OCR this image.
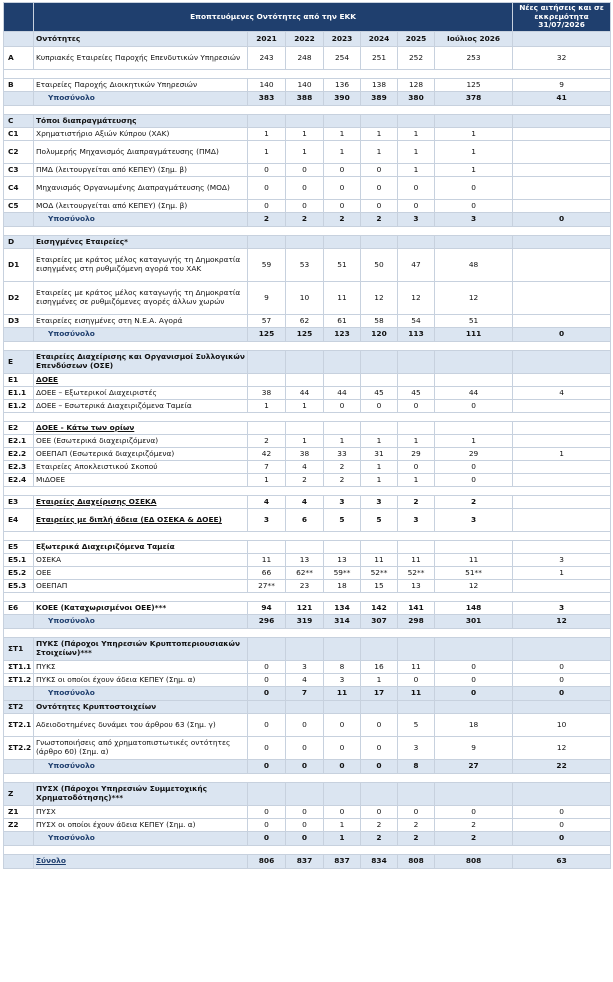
	Εποπτευόμενες Οντότητες από την ΕΚΚ							Νέες αιτήσεις και σε εκκρεμότητα 31/07/2026
	Οντότητες	2021	2022	2023	2024	2025	Ιούλιος 2026	
A	Κυπριακές Εταιρείες Παροχής Επενδυτικών Υπηρεσιών	243	248	254	251	252	253	32

B	Εταιρείες Παροχής Διοικητικών Υπηρεσιών	140	140	136	138	128	125	9
	Υποσύνολο	383	388	390	389	380	378	41

C	Τόποι διαπραγμάτευσης							
C1	Χρηματιστήριο Αξιών Κύπρου (ΧΑΚ)	1	1	1	1	1	1	
C2	Πολυμερής Μηχανισμός Διαπραγμάτευσης (ΠΜΔ)	1	1	1	1	1	1	
C3	ΠΜΔ (λειτουργείται από ΚΕΠΕΥ) (Σημ. β)	0	0	0	0	1	1	
C4	Μηχανισμός Οργανωμένης Διαπραγμάτευσης (ΜΟΔ)	0	0	0	0	0	0	
C5	ΜΟΔ (λειτουργείται από ΚΕΠΕΥ) (Σημ. β)	0	0	0	0	0	0	
	Υποσύνολο	2	2	2	2	3	3	0

D	Εισηγμένες Εταιρείες*							
D1	Εταιρείες με κράτος μέλος καταγωγής τη Δημοκρατία εισηγμένες στη ρυθμιζόμενη αγορά του ΧΑΚ	59	53	51	50	47	48	
D2	Εταιρείες με κράτος μέλος καταγωγής τη Δημοκρατία εισηγμένες σε ρυθμιζόμενες αγορές άλλων χωρών	9	10	11	12	12	12	
D3	Εταιρείες εισηγμένες στη Ν.Ε.Α. Αγορά	57	62	61	58	54	51	
	Υποσύνολο	125	125	123	120	113	111	0

E	Εταιρείες Διαχείρισης και Οργανισμοί Συλλογικών Επενδύσεων (ΟΣΕ)							
E1	ΔΟΕΕ							
E1.1	ΔΟΕΕ – Εξωτερικοί Διαχειριστές	38	44	44	45	45	44	4
E1.2	ΔΟΕΕ – Εσωτερικά Διαχειριζόμενα Ταμεία	1	1	0	0	0	0	

E2	ΔΟΕΕ - Κάτω των ορίων							
E2.1	ΟΕΕ (Εσωτερικά διαχειριζόμενα)	2	1	1	1	1	1	
E2.2	ΟΕΕΠΑΠ (Εσωτερικά διαχειριζόμενα)	42	38	33	31	29	29	1
E2.3	Εταιρείες Αποκλειστικού Σκοπού	7	4	2	1	0	0	
E2.4	ΜιΔΟΕΕ	1	2	2	1	1	0	

E3	Εταιρείες Διαχείρισης ΟΣΕΚΑ	4	4	3	3	2	2	
E4	Εταιρείες με διπλή άδεια (ΕΔ ΟΣΕΚΑ & ΔΟΕΕ)	3	6	5	5	3	3	

E5	Εξωτερικά Διαχειριζόμενα Ταμεία							
E5.1	ΟΣΕΚΑ	11	13	13	11	11	11	3
E5.2	ΟΕΕ	66	62**	59**	52**	52**	51**	1
E5.3	ΟΕΕΠΑΠ	27**	23	18	15	13	12	

E6	ΚΟΕΕ (Καταχωρισμένοι ΟΕΕ)***	94	121	134	142	141	148	3
	Υποσύνολο	296	319	314	307	298	301	12

ΣΤ1	ΠΥΚΣ (Πάροχοι Υπηρεσιών Κρυπτοπεριουσιακών Στοιχείων)***							
ΣΤ1.1	ΠΥΚΣ	0	3	8	16	11	0	0
ΣΤ1.2	ΠΥΚΣ οι οποίοι έχουν άδεια ΚΕΠΕΥ (Σημ. α)	0	4	3	1	0	0	0
	Υποσύνολο	0	7	11	17	11	0	0
ΣΤ2	Οντότητες Κρυπτοστοιχείων							
ΣΤ2.1	Αδειοδοτημένες δυνάμει του άρθρου 63 (Σημ. γ)	0	0	0	0	5	18	10
ΣΤ2.2	Γνωστοποιήσεις από χρηματοπιστωτικές οντότητες (άρθρο 60) (Σημ. α)	0	0	0	0	3	9	12
	Υποσύνολο	0	0	0	0	8	27	22

Z	ΠΥΣΧ (Πάροχοι Υπηρεσιών Συμμετοχικής Χρηματοδότησης)***							
Z1	ΠΥΣΧ	0	0	0	0	0	0	0
Z2	ΠΥΣΧ οι οποίοι έχουν άδεια ΚΕΠΕΥ (Σημ. α)	0	0	1	2	2	2	0
	Υποσύνολο	0	0	1	2	2	2	0

	Σύνολο	806	837	837	834	808	808	63
